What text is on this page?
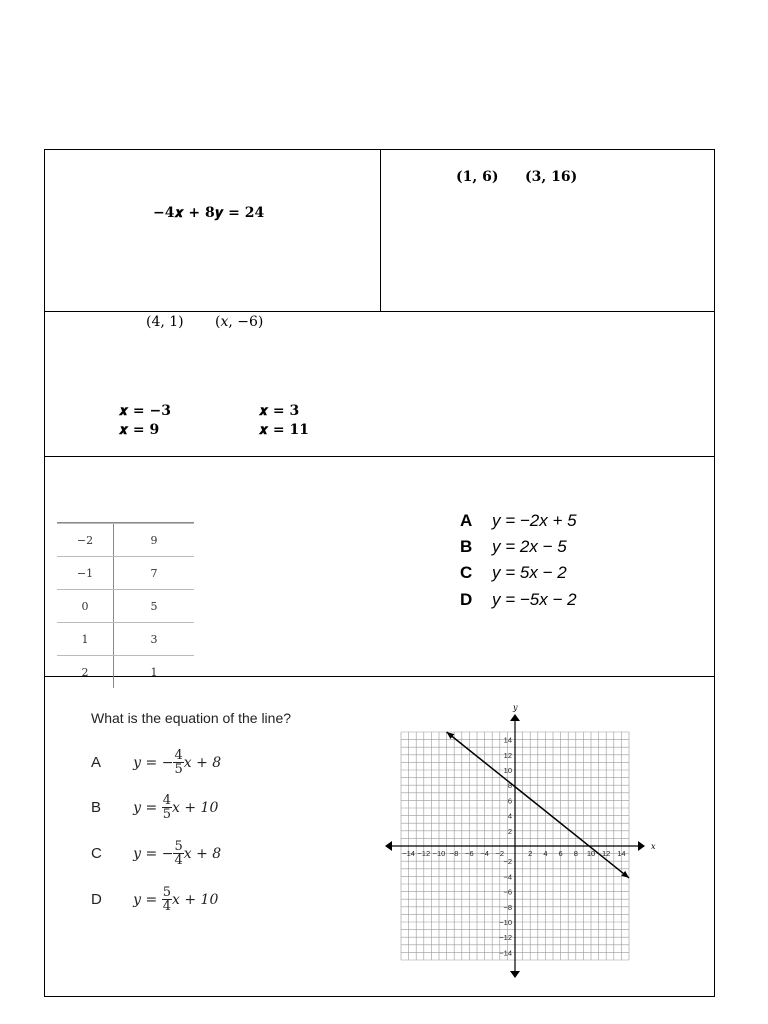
−4𝒙 + 8𝒚 = 24
(𝟏, 𝟔) (𝟑, 𝟏𝟔)
(4, 1) (𝑥, −6)
𝒙 = −3	𝒙 = 3
𝒙 = 9	𝒙 = 11

−2	9
−1	7
0	5
1	3
2	1
A y = −2x + 5
B y = 2x − 5
C y = 5x − 2
D y = −5x − 2
What is the equation of the line?
A y = − $\frac{4}{5}$ x + 8
B $y = \frac{4}{5}$ x + 10
C y = − $\frac{5}{4}$ x + 8
D $y = \frac{5}{4}$ x + 10
x
y
−14 −12 −10 −8 −6 −4 −2	2 4 6 8 10 12 14
14
12
10
8
6
4
2
−2
−4
−6
−8
−10
−12
−14
